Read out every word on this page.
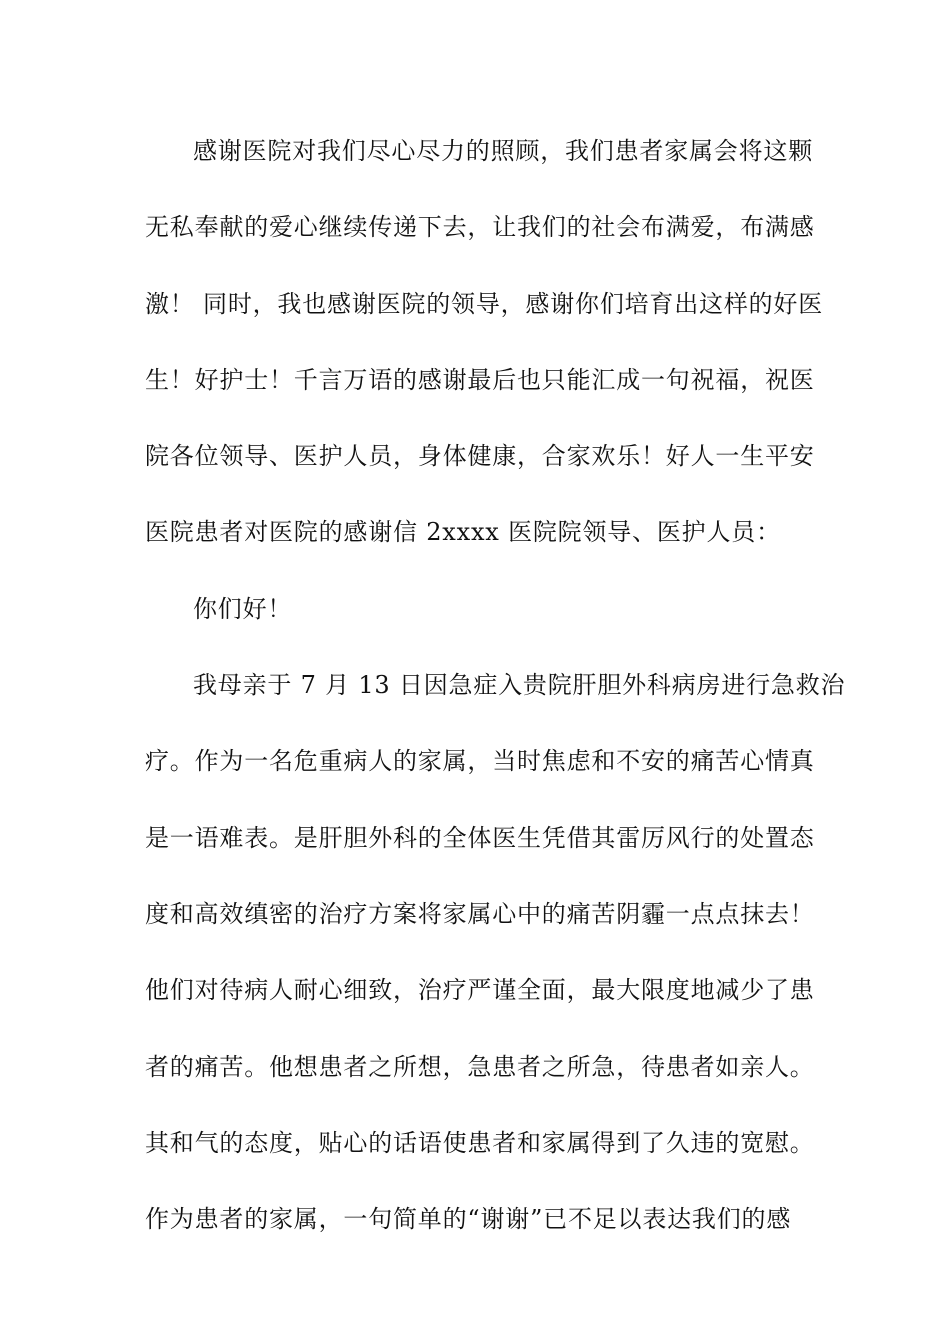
感谢医院对我们尽心尽力的照顾，我们患者家属会将这颗
无私奉献的爱心继续传递下去，让我们的社会布满爱，布满感
激！ 同时，我也感谢医院的领导，感谢你们培育出这样的好医
生！好护士！千言万语的感谢最后也只能汇成一句祝福，祝医
院各位领导、医护人员，身体健康，合家欢乐！好人一生平安
医院患者对医院的感谢信 2xxxx 医院院领导、医护人员：
你们好！
我母亲于 7 月 13 日因急症入贵院肝胆外科病房进行急救治
疗。作为一名危重病人的家属，当时焦虑和不安的痛苦心情真
是一语难表。是肝胆外科的全体医生凭借其雷厉风行的处置态
度和高效缜密的治疗方案将家属心中的痛苦阴霾一点点抹去！
他们对待病人耐心细致，治疗严谨全面，最大限度地减少了患
者的痛苦。他想患者之所想，急患者之所急，待患者如亲人。
其和气的态度，贴心的话语使患者和家属得到了久违的宽慰。
作为患者的家属，一句简单的“谢谢”已不足以表达我们的感
